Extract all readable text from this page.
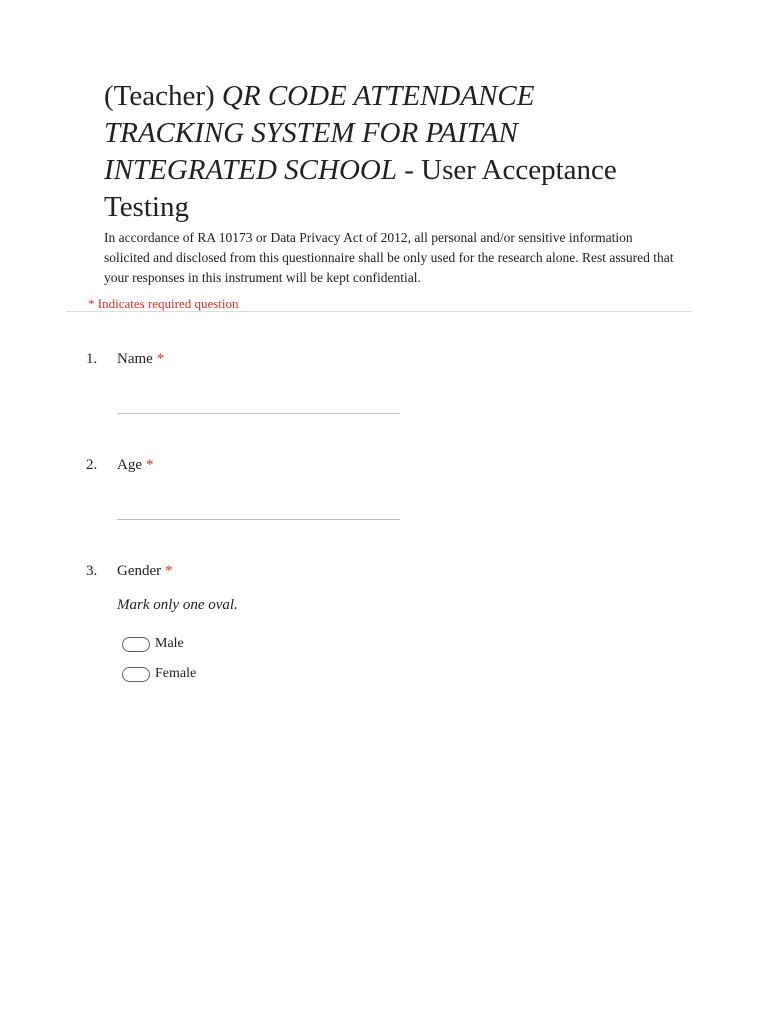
(Teacher) QR CODE ATTENDANCE TRACKING SYSTEM FOR PAITAN INTEGRATED SCHOOL - User Acceptance Testing
In accordance of RA 10173 or Data Privacy Act of 2012, all personal and/or sensitive information solicited and disclosed from this questionnaire shall be only used for the research alone. Rest assured that your responses in this instrument will be kept confidential.
* Indicates required question
1.	Name *
2.	Age *
3.	Gender *
Mark only one oval.
Male
Female
